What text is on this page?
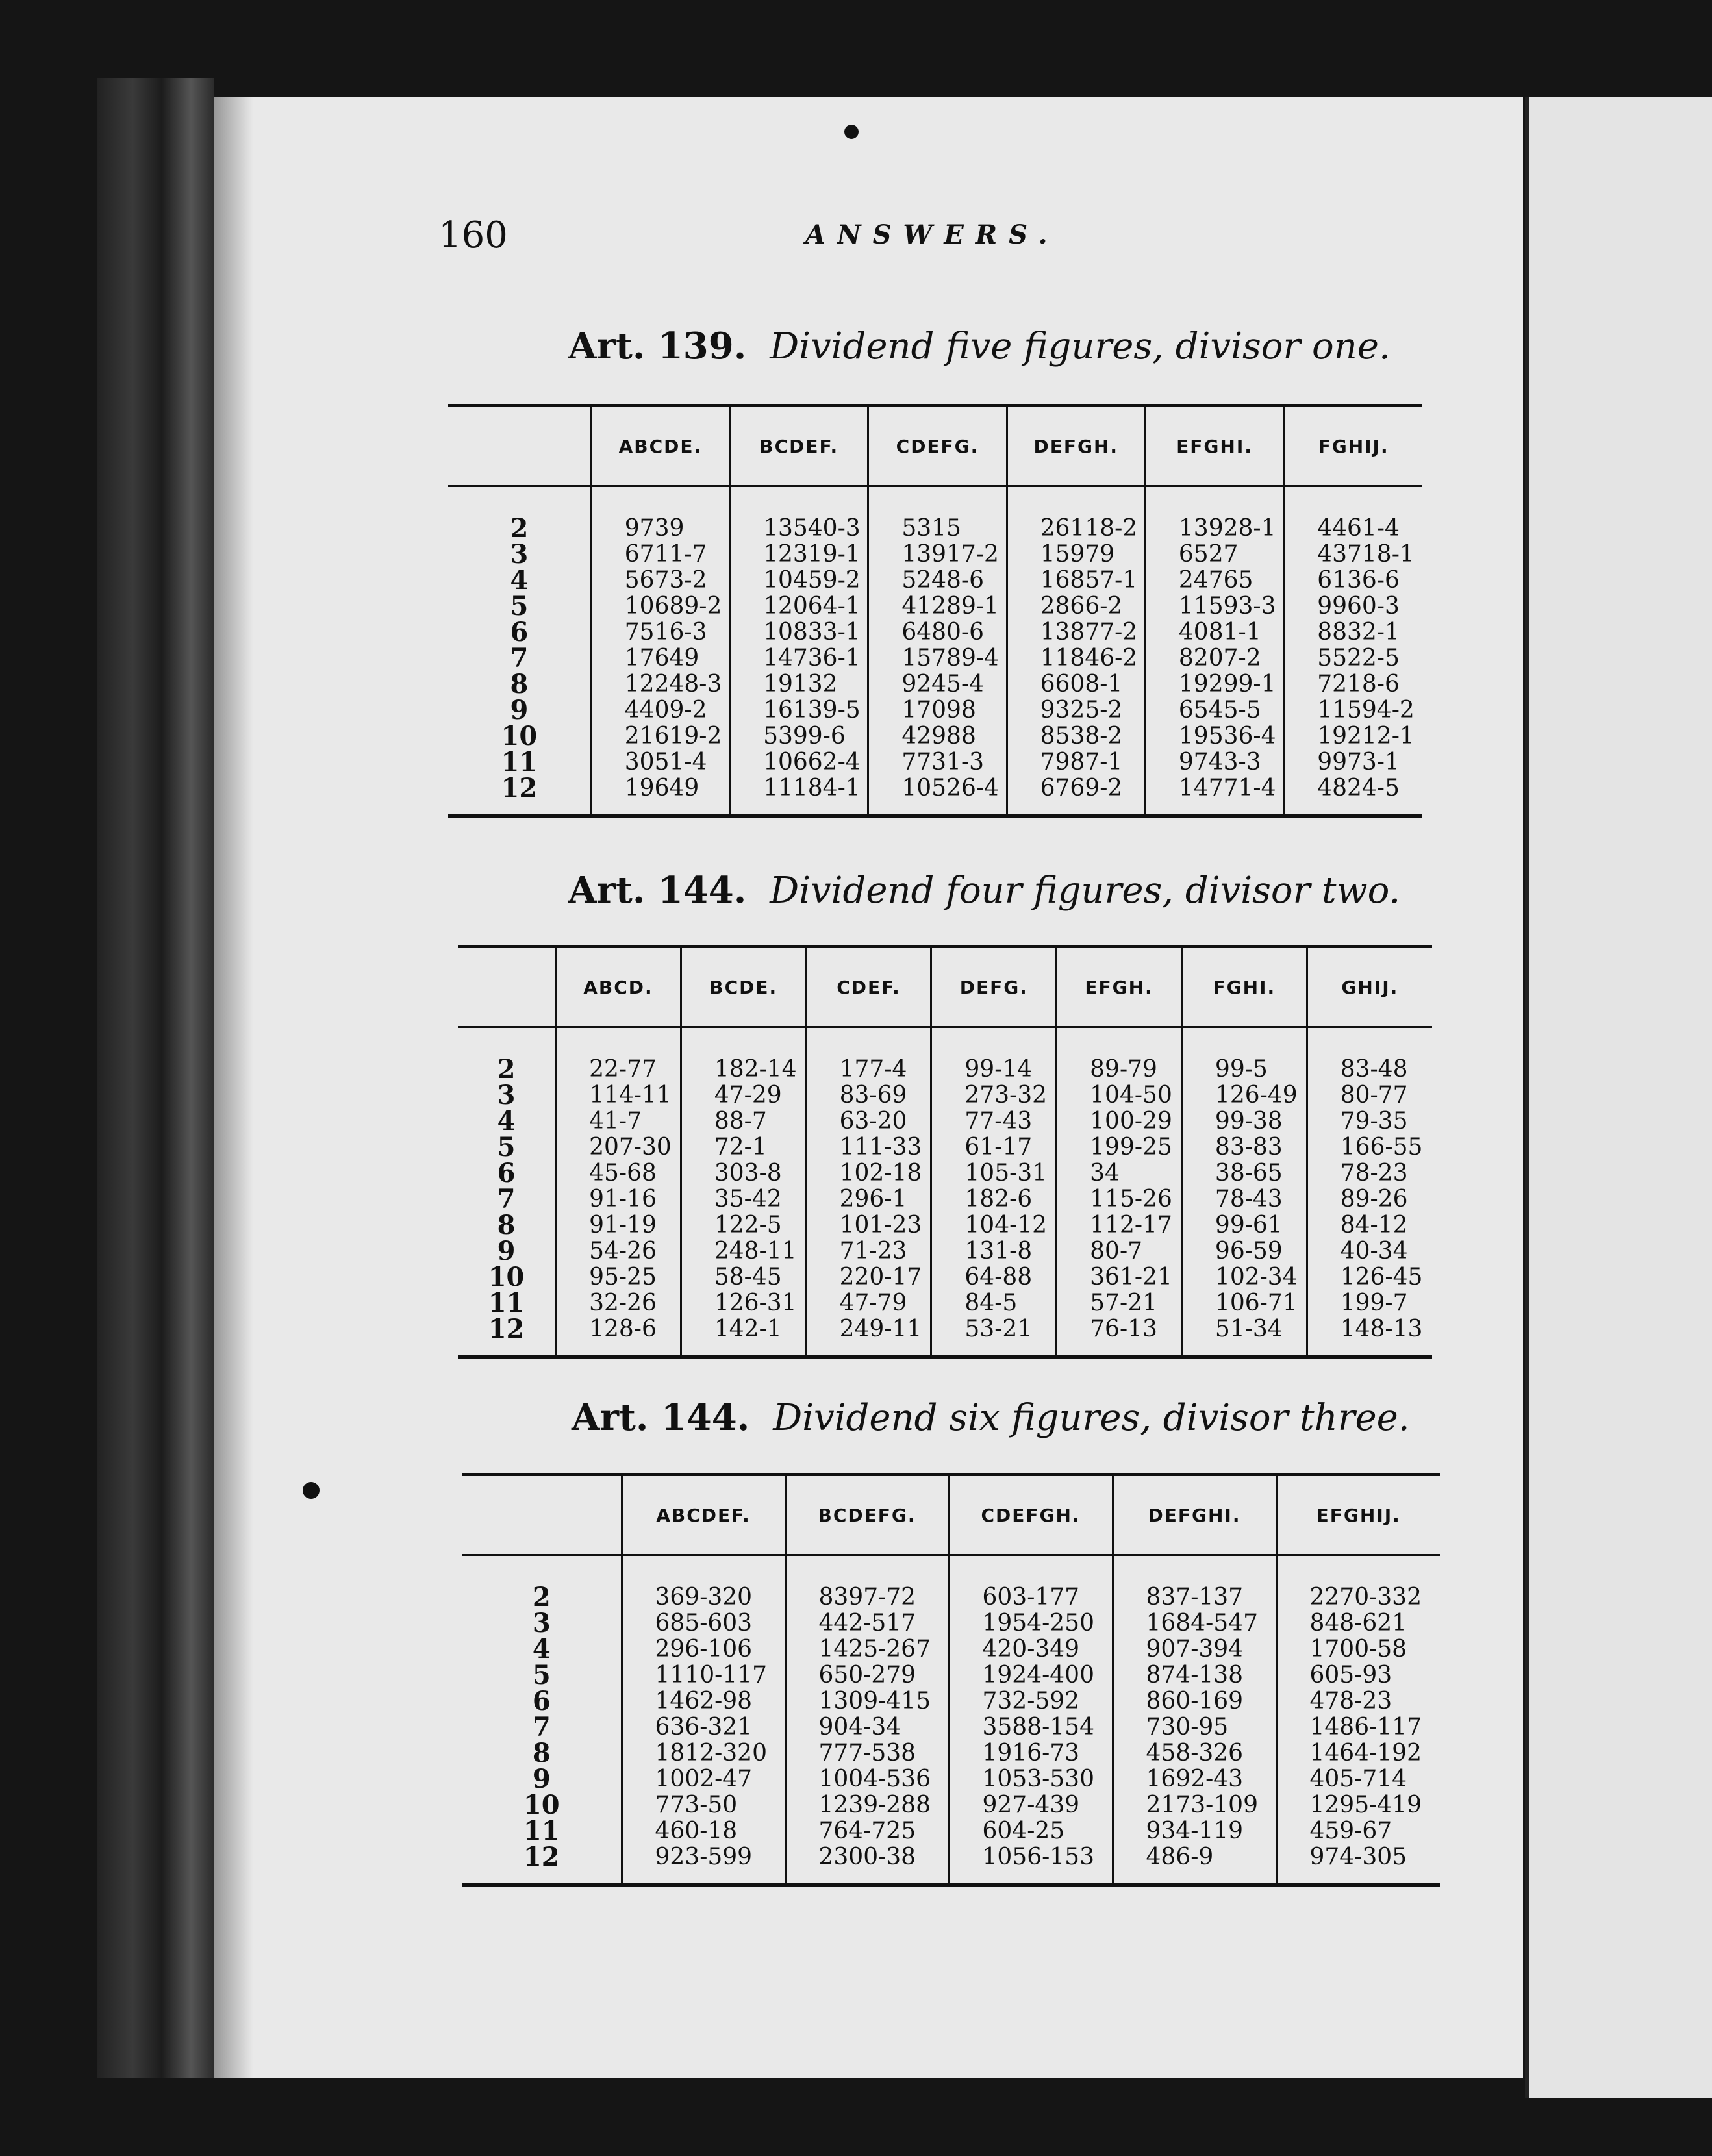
160	ANSWERS.
Art. 139. Dividend five figures, divisor one.
	ABCDE.	BCDEF.	CDEFG.	DEFGH.	EFGHI.	FGHIJ.

2	9739	13540-3	5315	26118-2	13928-1	4461-4
3	6711-7	12319-1	13917-2	15979	6527	43718-1
4	5673-2	10459-2	5248-6	16857-1	24765	6136-6
5	10689-2	12064-1	41289-1	2866-2	11593-3	9960-3
6	7516-3	10833-1	6480-6	13877-2	4081-1	8832-1
7	17649	14736-1	15789-4	11846-2	8207-2	5522-5
8	12248-3	19132	9245-4	6608-1	19299-1	7218-6
9	4409-2	16139-5	17098	9325-2	6545-5	11594-2
10	21619-2	5399-6	42988	8538-2	19536-4	19212-1
11	3051-4	10662-4	7731-3	7987-1	9743-3	9973-1
12	19649	11184-1	10526-4	6769-2	14771-4	4824-5

Art. 144. Dividend four figures, divisor two.
	ABCD.	BCDE.	CDEF.	DEFG.	EFGH.	FGHI.	GHIJ.

2	22-77	182-14	177-4	99-14	89-79	99-5	83-48
3	114-11	47-29	83-69	273-32	104-50	126-49	80-77
4	41-7	88-7	63-20	77-43	100-29	99-38	79-35
5	207-30	72-1	111-33	61-17	199-25	83-83	166-55
6	45-68	303-8	102-18	105-31	34	38-65	78-23
7	91-16	35-42	296-1	182-6	115-26	78-43	89-26
8	91-19	122-5	101-23	104-12	112-17	99-61	84-12
9	54-26	248-11	71-23	131-8	80-7	96-59	40-34
10	95-25	58-45	220-17	64-88	361-21	102-34	126-45
11	32-26	126-31	47-79	84-5	57-21	106-71	199-7
12	128-6	142-1	249-11	53-21	76-13	51-34	148-13

Art. 144. Dividend six figures, divisor three.
	ABCDEF.	BCDEFG.	CDEFGH.	DEFGHI.	EFGHIJ.

2	369-320	8397-72	603-177	837-137	2270-332
3	685-603	442-517	1954-250	1684-547	848-621
4	296-106	1425-267	420-349	907-394	1700-58
5	1110-117	650-279	1924-400	874-138	605-93
6	1462-98	1309-415	732-592	860-169	478-23
7	636-321	904-34	3588-154	730-95	1486-117
8	1812-320	777-538	1916-73	458-326	1464-192
9	1002-47	1004-536	1053-530	1692-43	405-714
10	773-50	1239-288	927-439	2173-109	1295-419
11	460-18	764-725	604-25	934-119	459-67
12	923-599	2300-38	1056-153	486-9	974-305
